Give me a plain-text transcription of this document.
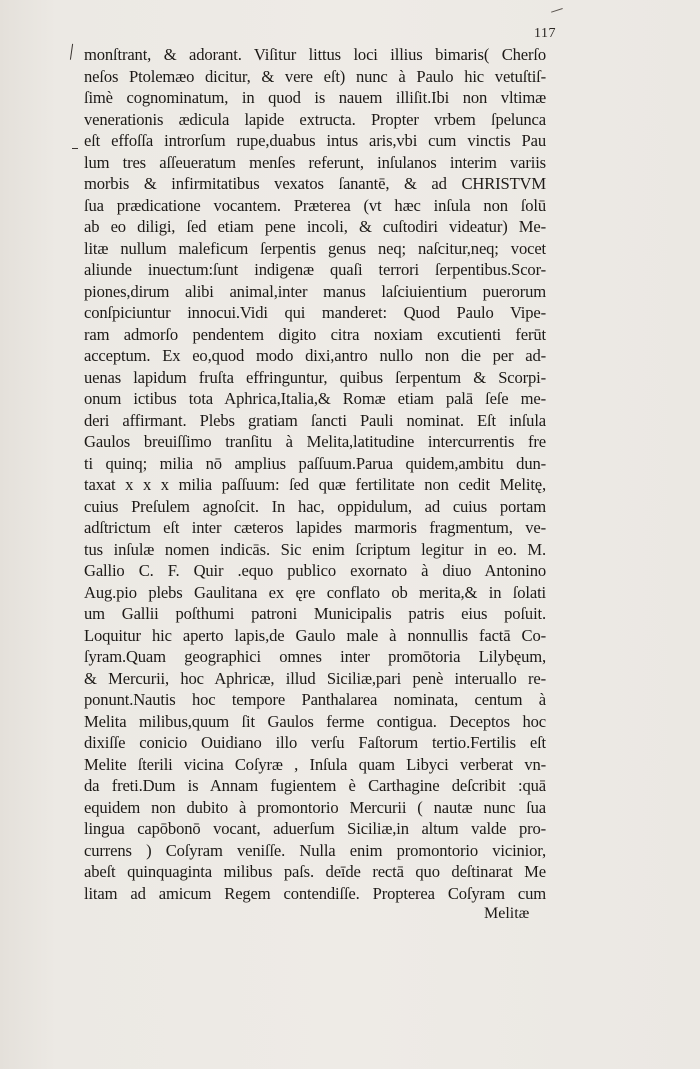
117
monſtrant, & adorant. Viſitur littus loci illius bimaris( Cherſo
neſos Ptolemæo dicitur, & vere eſt) nunc à Paulo hic vetuſtiſ-
ſimè cognominatum, in quod is nauem illiſit.Ibi non vltimæ
venerationis ædicula lapide extructa. Propter vrbem ſpelunca
eſt effoſſa introrſum rupe,duabus intus aris,vbi cum vinctis Pau
lum tres aſſeueratum menſes referunt, inſulanos interim variis
morbis & infirmitatibus vexatos ſanantē, & ad CHRISTVM
ſua prædicatione vocantem. Præterea (vt hæc inſula non ſolū
ab eo diligi, ſed etiam pene incoli, & cuſtodiri videatur) Me-
litæ nullum maleficum ſerpentis genus neq; naſcitur,neq; vocet
aliunde inuectum:ſunt indigenæ quaſi terrori ſerpentibus.Scor-
piones,dirum alibi animal,inter manus laſciuientium puerorum
conſpiciuntur innocui.Vidi qui manderet: Quod Paulo Vipe-
ram admorſo pendentem digito citra noxiam excutienti ferūt
acceptum. Ex eo,quod modo dixi,antro nullo non die per ad-
uenas lapidum fruſta effringuntur, quibus ſerpentum & Scorpi-
onum ictibus tota Aphrica,Italia,& Romæ etiam palā ſeſe me-
deri affirmant. Plebs gratiam ſancti Pauli nominat. Eſt inſula
Gaulos breuiſſimo tranſitu à Melita,latitudine intercurrentis fre
ti quinq; milia nō amplius paſſuum.Parua quidem,ambitu dun-
taxat x x x milia paſſuum: ſed quæ fertilitate non cedit Melitę,
cuius Preſulem agnoſcit. In hac, oppidulum, ad cuius portam
adſtrictum eſt inter cæteros lapides marmoris fragmentum, ve-
tus inſulæ nomen indicās. Sic enim ſcriptum legitur in eo. M.
Gallio C. F. Quir .equo publico exornato à diuo Antonino
Aug.pio plebs Gaulitana ex ęre conflato ob merita,& in ſolati
um Gallii poſthumi patroni Municipalis patris eius poſuit.
Loquitur hic aperto lapis,de Gaulo male à nonnullis factā Co-
ſyram.Quam geographici omnes inter promōtoria Lilybęum,
& Mercurii, hoc Aphricæ, illud Siciliæ,pari penè interuallo re-
ponunt.Nautis hoc tempore Panthalarea nominata, centum à
Melita milibus,quum ſit Gaulos ferme contigua. Deceptos hoc
dixiſſe conicio Ouidiano illo verſu Faſtorum tertio.Fertilis eſt
Melite ſterili vicina Coſyræ , Inſula quam Libyci verberat vn-
da freti.Dum is Annam fugientem è Carthagine deſcribit :quā
equidem non dubito à promontorio Mercurii ( nautæ nunc ſua
lingua capōbonō vocant, aduerſum Siciliæ,in altum valde pro-
currens ) Coſyram veniſſe. Nulla enim promontorio vicinior,
abeſt quinquaginta milibus paſs. deīde rectā quo deſtinarat Me
litam ad amicum Regem contendiſſe. Propterea Coſyram cum
Melitæ
